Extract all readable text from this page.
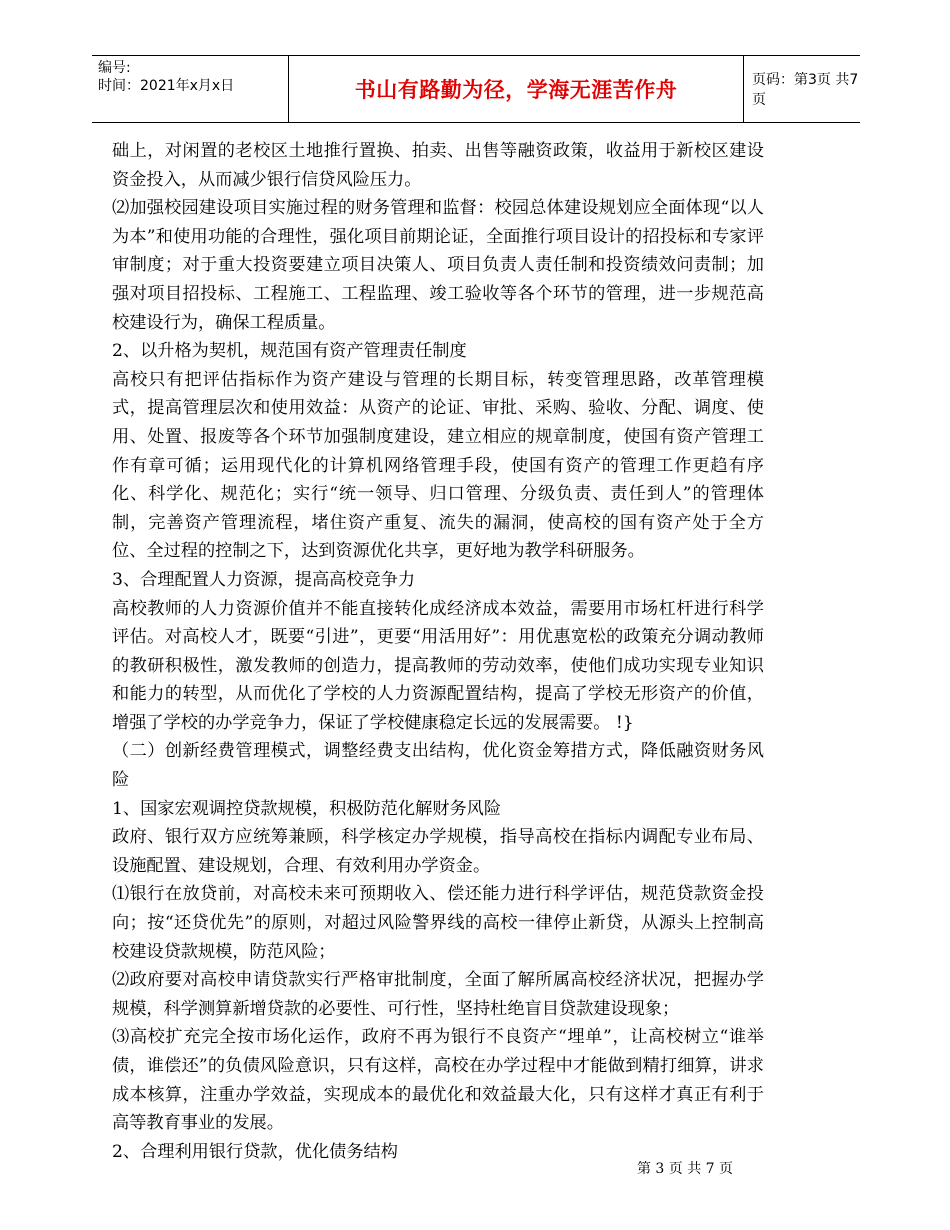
编号:
时间：2021年x月x日	书山有路勤为径，学海无涯苦作舟	页码：第3页 共7页

础上，对闲置的老校区土地推行置换、拍卖、出售等融资政策，收益用于新校区建设资金投入，从而减少银行信贷风险压力。

⑵加强校园建设项目实施过程的财务管理和监督：校园总体建设规划应全面体现“以人为本”和使用功能的合理性，强化项目前期论证，全面推行项目设计的招投标和专家评审制度；对于重大投资要建立项目决策人、项目负责人责任制和投资绩效问责制；加强对项目招投标、工程施工、工程监理、竣工验收等各个环节的管理，进一步规范高校建设行为，确保工程质量。

2、以升格为契机，规范国有资产管理责任制度

高校只有把评估指标作为资产建设与管理的长期目标，转变管理思路，改革管理模式，提高管理层次和使用效益：从资产的论证、审批、采购、验收、分配、调度、使用、处置、报废等各个环节加强制度建设，建立相应的规章制度，使国有资产管理工作有章可循；运用现代化的计算机网络管理手段，使国有资产的管理工作更趋有序化、科学化、规范化；实行“统一领导、归口管理、分级负责、责任到人”的管理体制，完善资产管理流程，堵住资产重复、流失的漏洞，使高校的国有资产处于全方位、全过程的控制之下，达到资源优化共享，更好地为教学科研服务。

3、合理配置人力资源，提高高校竞争力

高校教师的人力资源价值并不能直接转化成经济成本效益，需要用市场杠杆进行科学评估。对高校人才，既要“引进”，更要“用活用好”：用优惠宽松的政策充分调动教师的教研积极性，激发教师的创造力，提高教师的劳动效率，使他们成功实现专业知识和能力的转型，从而优化了学校的人力资源配置结构，提高了学校无形资产的价值，增强了学校的办学竞争力，保证了学校健康稳定长远的发展需要。 !}

（二）创新经费管理模式，调整经费支出结构，优化资金筹措方式，降低融资财务风险

1、国家宏观调控贷款规模，积极防范化解财务风险

政府、银行双方应统筹兼顾，科学核定办学规模，指导高校在指标内调配专业布局、设施配置、建设规划，合理、有效利用办学资金。

⑴银行在放贷前，对高校未来可预期收入、偿还能力进行科学评估，规范贷款资金投向；按“还贷优先”的原则，对超过风险警界线的高校一律停止新贷，从源头上控制高校建设贷款规模，防范风险；

⑵政府要对高校申请贷款实行严格审批制度，全面了解所属高校经济状况，把握办学规模，科学测算新增贷款的必要性、可行性，坚持杜绝盲目贷款建设现象；

⑶高校扩充完全按市场化运作，政府不再为银行不良资产“埋单”，让高校树立“谁举债，谁偿还”的负债风险意识，只有这样，高校在办学过程中才能做到精打细算，讲求成本核算，注重办学效益，实现成本的最优化和效益最大化，只有这样才真正有利于高等教育事业的发展。

2、合理利用银行贷款，优化债务结构

第 3 页 共 7 页
